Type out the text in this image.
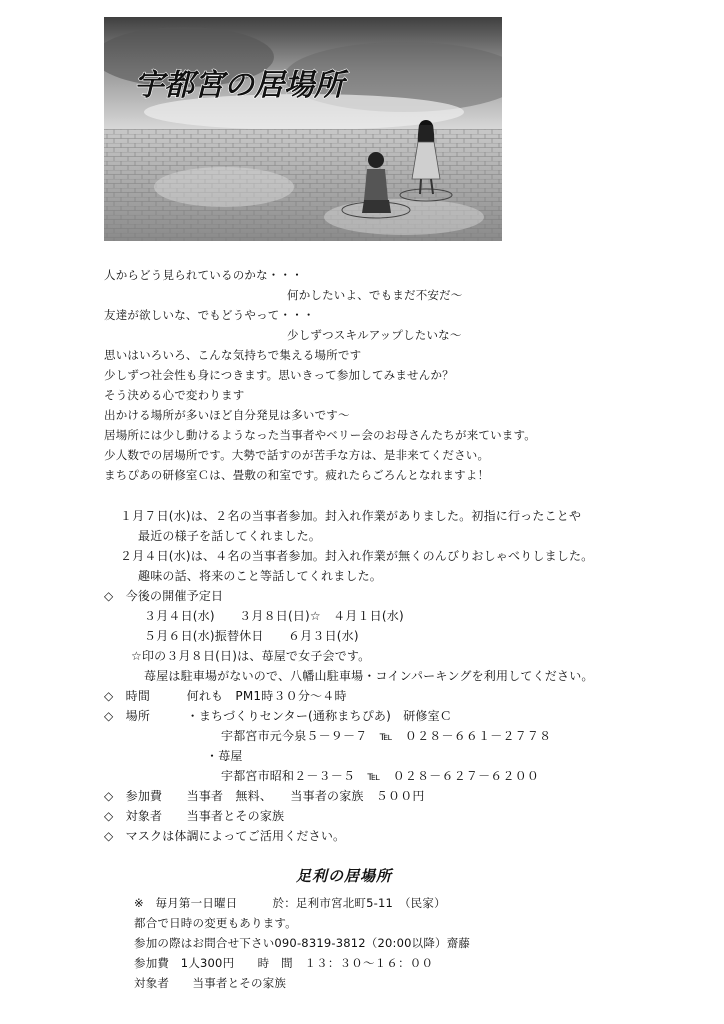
宇都宮の居場所
人からどう見られているのかな・・・
何かしたいよ、でもまだ不安だ～
友達が欲しいな、でもどうやって・・・
少しずつスキルアップしたいな～
思いはいろいろ、こんな気持ちで集える場所です
少しずつ社会性も身につきます。思いきって参加してみませんか？
そう決める心で変わります
出かける場所が多いほど自分発見は多いです～
居場所には少し動けるようなった当事者やベリー会のお母さんたちが来ています。
少人数での居場所です。大勢で話すのが苦手な方は、是非来てください。
まちぴあの研修室Ｃは、畳敷の和室です。疲れたらごろんとなれますよ！
１月７日(水)は、２名の当事者参加。封入れ作業がありました。初指に行ったことや
最近の様子を話してくれました。
２月４日(水)は、４名の当事者参加。封入れ作業が無くのんびりおしゃべりしました。
趣味の話、将来のこと等話してくれました。
◇　今後の開催予定日
３月４日(水)　　３月８日(日)☆　４月１日(水)
５月６日(水)振替休日　　６月３日(水)
☆印の３月８日(日)は、苺屋で女子会です。
苺屋は駐車場がないので、八幡山駐車場・コインパーキングを利用してください。
◇　時間　　　何れも　PM1時３０分～４時
◇　場所　　　・まちづくりセンター(通称まちぴあ)　研修室Ｃ
宇都宮市元今泉５－９－７　℡　０２８－６６１－２７７８
・苺屋
宇都宮市昭和２－３－５　℡　０２８－６２７－６２００
◇　参加費　　当事者　無料、　　当事者の家族　５００円
◇　対象者　　当事者とその家族
◇　マスクは体調によってご活用ください。
足利の居場所
※　毎月第一日曜日　　　於：足利市宮北町5-11　（民家）
都合で日時の変更もあります。
参加の際はお問合せ下さい090-8319-3812（20:00以降）齋藤
参加費　1人300円　　時　間　１３：３０～１６：００
対象者　　当事者とその家族
